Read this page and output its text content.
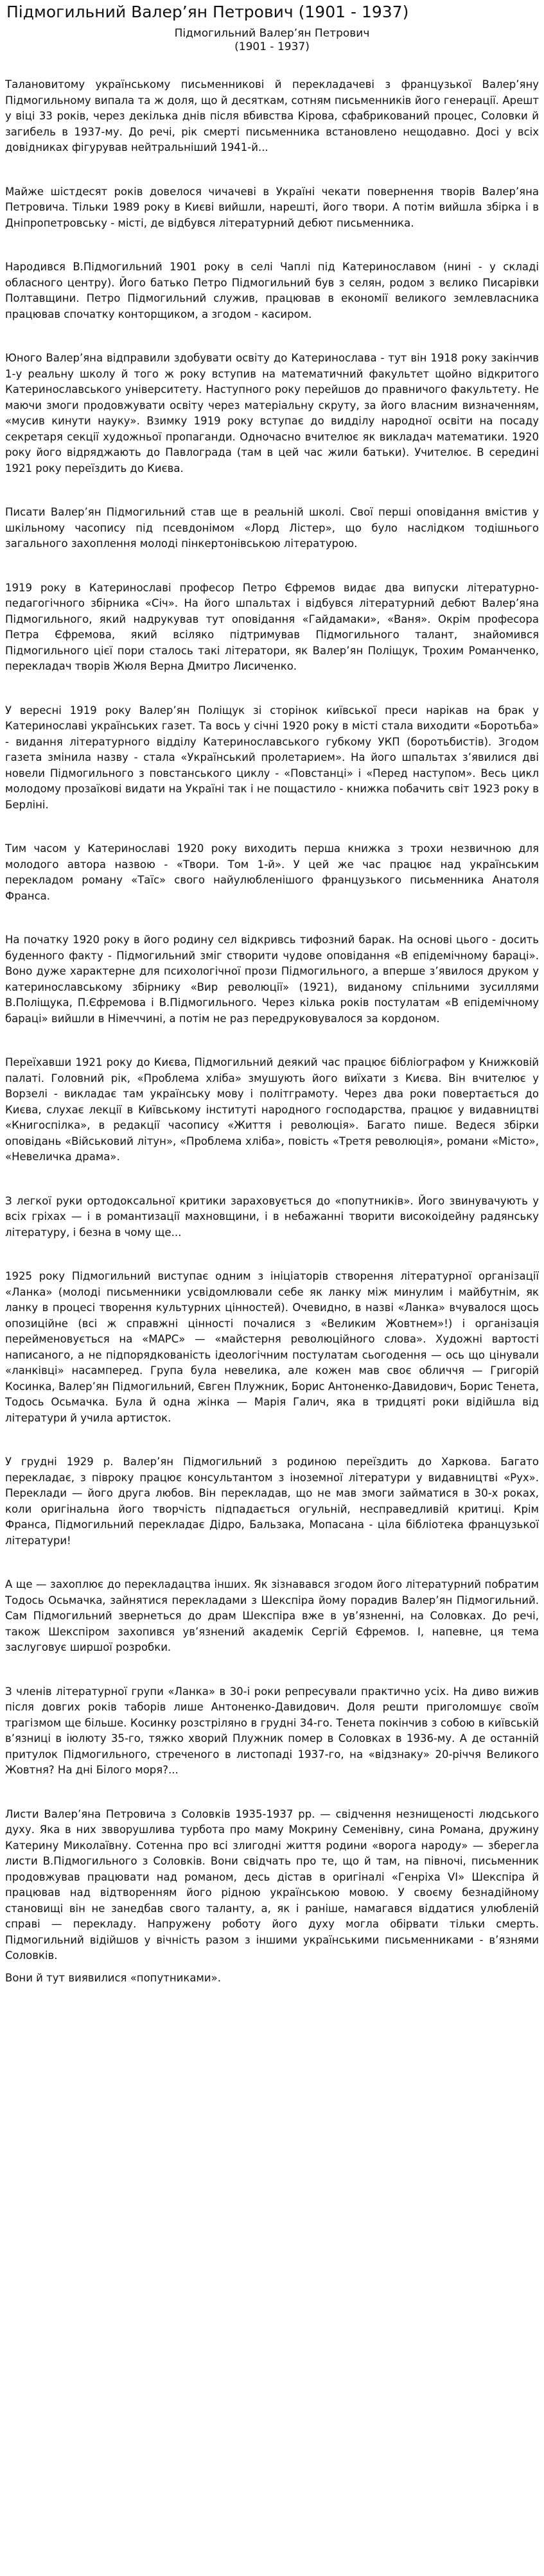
Підмогильний Валер’ян Петрович (1901 - 1937)

Підмогильний Валер’ян Петрович

(1901 - 1937)

Талановитому українському письменникові й перекладачеві з французької Валер’яну Підмогильному випала та ж доля, що й десяткам, сотням письменників його генерації. Арешт у віці 33 років, через декілька днів після вбивства Кірова, сфабрикований процес, Соловки й загибель в 1937-му. До речі, рік смерті письменника встановлено нещодавно. Досі у всіх довідниках фігурував нейтральніший 1941-й...

Майже шістдесят років довелося чичачеві в Україні чекати повернення творів Валер’яна Петровича. Тільки 1989 року в Києві вийшли, нарешті, його твори. А потім вийшла збірка і в Дніпропетровську - місті, де відбувся літературний дебют письменника.

Народився В.Підмогильний 1901 року в селі Чаплі під Катеринославом (нині - у складі обласного центру). Його батько Петро Підмогильний був з селян, родом з вєлико Писарівки Полтавщини. Петро Підмогильний служив, працював в економії великого землевласника працював спочатку конторщиком, а згодом - касиром.

Юного Валер’яна відправили здобувати освіту до Катеринослава - тут він 1918 року закінчив 1-у реальну школу й того ж року вступив на математичний факультет щойно відкритого Катеринославського університету. Наступного року перейшов до правничого факультету. Не маючи змоги продовжувати освіту через матеріальну скруту, за його власним визначенням, «мусив кинути науку». Взимку 1919 року вступає до видділу народної освіти на посаду секретаря секції художньої пропаганди. Одночасно вчителює як викладач математики. 1920 року його відряджають до Павлограда (там в цей час жили батьки). Учителює. В середині 1921 року переїздить до Києва.

Писати Валер’ян Підмогильний став ще в реальній школі. Свої перші оповідання вмістив у шкільному часопису під псевдонімом «Лорд Лістер», що було наслідком тодішнього загального захоплення молоді пінкертонівською літературою.

1919 року в Катеринославі професор Петро Єфремов видає два випуски літературно-педагогічного збірника «Січ». На його шпальтах і відбувся літературний дебют Валер’яна Підмогильного, який надрукував тут оповідання «Гайдамаки», «Ваня». Окрім професора Петра Єфремова, який всіляко підтримував Підмогильного талант, знайомився Підмогильного цієї пори сталось такі літератори, як Валер’ян Поліщук, Трохим Романченко, перекладач творів Жюля Верна Дмитро Лисиченко.

У вересні 1919 року Валер’ян Поліщук зі сторінок київської преси нарікав на брак у Катеринославі українських газет. Та вось у січні 1920 року в місті стала виходити «Боротьба» - видання літературного відділу Катеринославського губкому УКП (боротьбистів). Згодом газета змінила назву - стала «Український пролетарием». На його шпальтах з’явилися дві новели Підмогильного з повстанського циклу - «Повстанці» і «Перед наступом». Весь цикл молодому прозаїкові видати на Україні так і не пощастило - книжка побачить світ 1923 року в Берліні.

Тим часом у Катеринославі 1920 року виходить перша книжка з трохи незвичною для молодого автора назвою - «Твори. Том 1-й». У цей же час працює над українським перекладом роману «Таїс» свого найулюбленішого французького письменника Анатоля Франса.

На початку 1920 року в його родину сел відкривсь тифозний барак. На основі цього - досить буденного факту - Підмогильний змiг створити чудове оповідання «В епідемічному бараці». Воно дуже характерне для психологічної прози Підмогильного, а вперше з’явилося друком у катеринославському збірнику «Вир революції» (1921), виданому спільними зусиллями В.Поліщука, П.Єфремова і В.Підмогильного. Через кілька років постулатам «В епідемічному бараці» вийшли в Німеччині, а потім не раз передруковувалося за кордоном.

Переїхавши 1921 року до Києва, Підмогильний деякий час працює бібліографом у Книжковій палаті. Головний рік, «Проблема хліба» змушують його виїхати з Києва. Він вчителює у Ворзелі - викладає там українську мову і політграмоту. Через два роки повертається до Києва, слухає лекції в Київському інституті народного господарства, працює у видавництві «Книгоспілка», в редакції часопису «Життя і революція». Багато пише. Ведеся збірки оповідань «Військовий літун», «Проблема хліба», повість «Третя революція», романи «Місто», «Невеличка драма».

З легкої руки ортодоксальної критики зараховується до «попутників». Його звинувачують у всіх гріхах — і в романтизації махновщини, і в небажанні творити високоідейну радянську літературу, і безна в чому ще...

1925 року Підмогильний виступає одним з ініціаторів створення літературної організації «Ланка» (молоді письменники усвідомлювали себе як ланку між минулим і майбутнім, як ланку в процесі творення культурних цінностей). Очевидно, в назві «Ланка» вчувалося щось опозиційне (всі ж справжні цінності почалися з «Великим Жовтнем»!) і організація перейменовується на «МАРС» — «майстерня революційного слова». Художні вартості написаного, а не підпорядкованість ідеологічним постулатам сьогодення — ось що цінували «ланківці» насамперед. Група була невелика, але кожен мав своє обличчя — Григорій Косинка, Валер’ян Підмогильний, Євген Плужник, Борис Антоненко-Давидович, Борис Тенета, Тодось Осьмачка. Була й одна жінка — Марія Галич, яка в тридцяті роки відійшла від літератури й учила артисток.

У грудні 1929 р. Валер’ян Підмогильний з родиною переїздить до Харкова. Багато перекладає, з півроку працює консультантом з іноземної літератури у видавництві «Рух». Переклади — його друга любов. Він перекладав, що не мав змоги займатися в 30-х роках, коли оригінальна його творчість підпадається огульній, несправедливій критиці. Крім Франса, Підмогильний перекладає Дідро, Бальзака, Мопасана - ціла бібліотека французької літератури!

А ще — захоплює до перекладацтва інших. Як зізнавався згодом його літературний побратим Тодось Осьмачка, зайнятися перекладами з Шекспіра йому порадив Валер’ян Підмогильний. Сам Підмогильний звернеться до драм Шекспіра вже в ув’язненні, на Соловках. До речі, також Шекспіром захопився ув’язнений академік Сергій Єфремов. І, напевне, ця тема заслуговує ширшої розробки.

З членів літературної групи «Ланка» в 30-і роки репресували практично усіх. На диво вижив після довгих років таборів лише Антоненко-Давидович. Доля решти приголомшує своїм трагізмом ще більше. Косинку розстріляно в грудні 34-го. Тенета покінчив з собою в київській в’язниці в іюлюту 35-го, тяжко хворий Плужник помер в Соловках в 1936-му. А де останній притулок Підмогильного, стреченого в листопаді 1937-го, на «відзнаку» 20-річчя Великого Жовтня? На дні Білого моря?...

Листи Валер’яна Петровича з Соловків 1935-1937 рр. — свідчення незнищеності людського духу. Яка в них звворушлива турбота про маму Мокрину Семенівну, сина Романа, дружину Катерину Миколаївну. Сотенна про всі злигодні життя родини «ворога народу» — зберегла листи В.Підмогильного з Соловків. Вони свідчать про те, що й там, на півночі, письменник продовжував працювати над романом, десь дістав в оригіналі «Генріха VI» Шекспіра й працював над відтворенням його рідною українською мовою. У своєму безнадійному становищі він не занедбав свого таланту, а, як і раніше, намагався віддатися улюбленій справі — перекладу. Напружену роботу його духу могла обірвати тільки смерть. Підмогильний відійшов у вічність разом з іншими українськими письменниками - в’язнями Соловків.

Вони й тут виявилися «попутниками».
